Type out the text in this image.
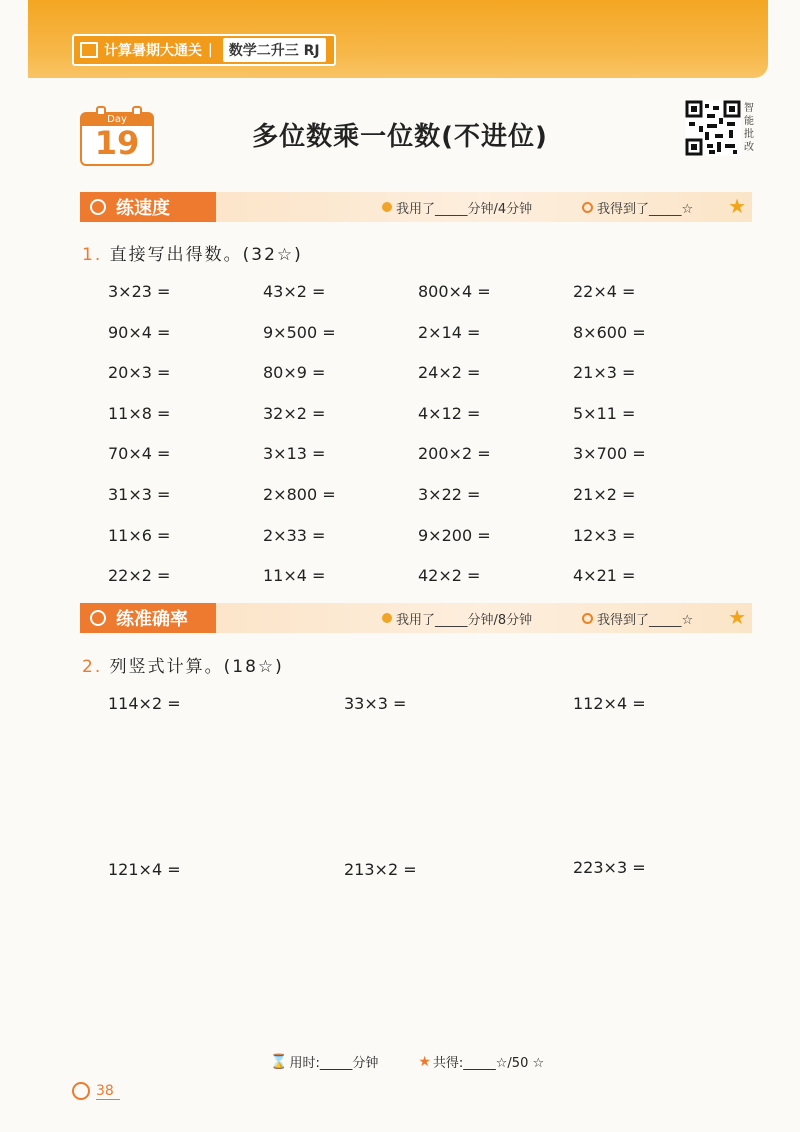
计算暑期大通关 |	数学二升三 RJ
Day
19	多位数乘一位数(不进位)
智能批改
练速度	我用了_____分钟/4分钟	我得到了_____☆ ★
1. 直接写出得数。(32☆)
3×23 =	43×2 =	800×4 =	22×4 =
90×4 =	9×500 =	2×14 =	8×600 =
20×3 =	80×9 =	24×2 =	21×3 =
11×8 =	32×2 =	4×12 =	5×11 =
70×4 =	3×13 =	200×2 =	3×700 =
31×3 =	2×800 =	3×22 =	21×2 =
11×6 =	2×33 =	9×200 =	12×3 =
22×2 =	11×4 =	42×2 =	4×21 =
练准确率	我用了_____分钟/8分钟	我得到了_____☆ ★
2. 列竖式计算。(18☆)
114×2 =	33×3 =	112×4 =
121×4 =	213×2 =	223×3 =
⌛ 用时:_____分钟	★ 共得:_____☆/50 ☆
38
